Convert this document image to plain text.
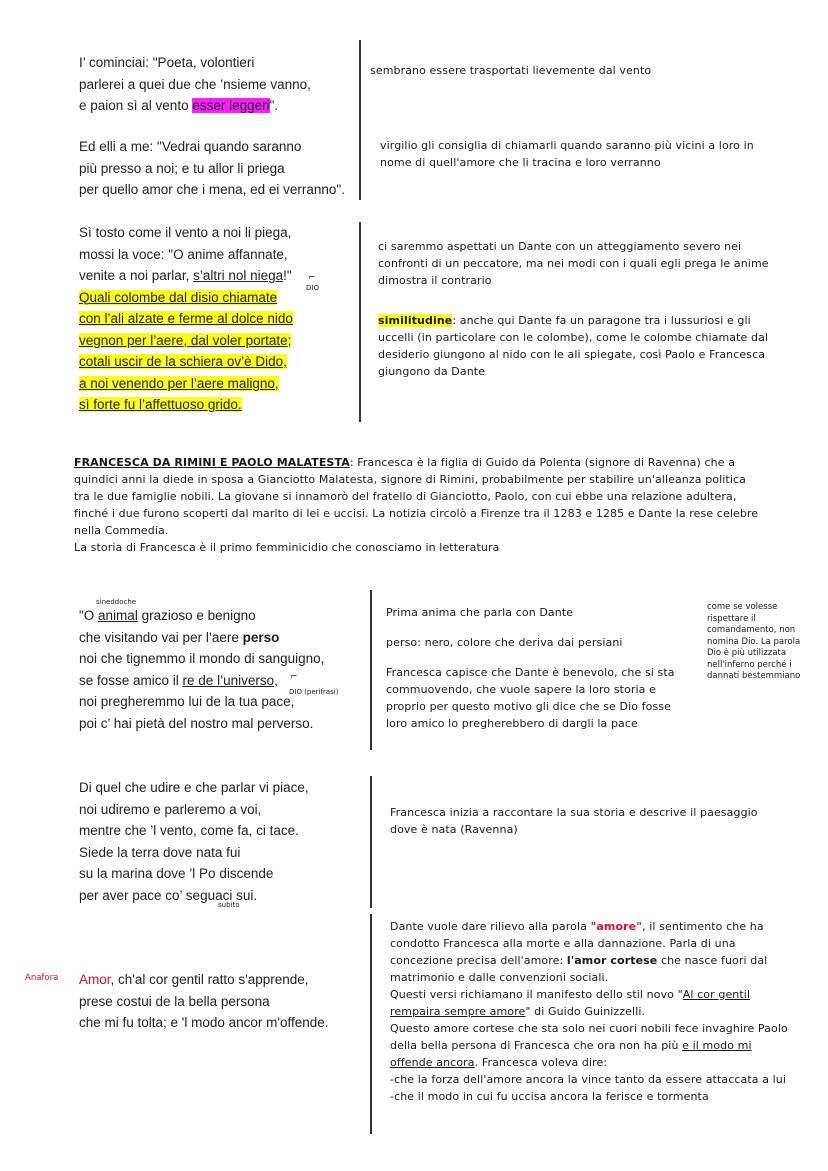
I’ cominciai: "Poeta, volontieri
parlerei a quei due che ’nsieme vanno,
e paion sì al vento esser leggeri".
sembrano essere trasportati lievemente dal vento
Ed elli a me: "Vedrai quando saranno
più presso a noi; e tu allor li priega
per quello amor che i mena, ed ei verranno".
virgilio gli consiglia di chiamarli quando saranno più vicini a loro in nome di quell'amore che li tracina e loro verranno
Sì tosto come il vento a noi li piega,
mossi la voce: "O anime affannate,
venite a noi parlar, s’altri nol niega!"
Quali colombe dal disio chiamate
con l’ali alzate e ferme al dolce nido
vegnon per l’aere, dal voler portate;
cotali uscir de la schiera ov’è Dido,
a noi venendo per l’aere maligno,
sì forte fu l’affettuoso grido.
⌐
DIO
ci saremmo aspettati un Dante con un atteggiamento severo nei confronti di un peccatore, ma nei modi con i quali egli prega le anime dimostra il contrario
similitudine: anche qui Dante fa un paragone tra i lussuriosi e gli uccelli (in particolare con le colombe), come le colombe chiamate dal desiderio giungono al nido con le ali spiegate, così Paolo e Francesca giungono da Dante
FRANCESCA DA RIMINI E PAOLO MALATESTA: Francesca è la figlia di Guido da Polenta (signore di Ravenna) che a quindici anni la diede in sposa a Gianciotto Malatesta, signore di Rimini, probabilmente per stabilire un'alleanza politica tra le due famiglie nobili. La giovane si innamorò del fratello di Gianciotto, Paolo, con cui ebbe una relazione adultera, finché i due furono scoperti dal marito di lei e uccisi. La notizia circolò a Firenze tra il 1283 e 1285 e Dante la rese celebre nella Commedia.
La storia di Francesca è il primo femminicidio che conosciamo in letteratura
sineddoche
"O animal grazioso e benigno
che visitando vai per l’aere perso
noi che tignemmo il mondo di sanguigno,
se fosse amico il re de l’universo,
noi pregheremmo lui de la tua pace,
poi c’ hai pietà del nostro mal perverso.
⌐
DIO (perifrasi)
Prima anima che parla con Dante
perso: nero, colore che deriva dai persiani
Francesca capisce che Dante è benevolo, che si sta commuovendo, che vuole sapere la loro storia e proprio per questo motivo gli dice che se Dio fosse loro amico lo pregherebbero di dargli la pace
come se volesse rispettare il comandamento, non nomina Dio. La parola Dio è più utilizzata nell'inferno perché i dannati bestemmiano
Di quel che udire e che parlar vi piace,
noi udiremo e parleremo a voi,
mentre che ’l vento, come fa, ci tace.
Siede la terra dove nata fui
su la marina dove ’l Po discende
per aver pace co’ seguaci sui.
subito
Francesca inizia a raccontare la sua storia e descrive il paesaggio dove è nata (Ravenna)
Anafora Amor, ch'al cor gentil ratto s'apprende,
prese costui de la bella persona
che mi fu tolta; e 'l modo ancor m'offende.
Dante vuole dare rilievo alla parola "amore", il sentimento che ha condotto Francesca alla morte e alla dannazione. Parla di una concezione precisa dell'amore: l'amor cortese che nasce fuori dal matrimonio e dalle convenzioni sociali.
Questi versi richiamano il manifesto dello stil novo "Al cor gentil rempaira sempre amore" di Guido Guinizzelli.
Questo amore cortese che sta solo nei cuori nobili fece invaghire Paolo della bella persona di Francesca che ora non ha più e il modo mi offende ancora. Francesca voleva dire:
-che la forza dell'amore ancora la vince tanto da essere attaccata a lui
-che il modo in cui fu uccisa ancora la ferisce e tormenta
